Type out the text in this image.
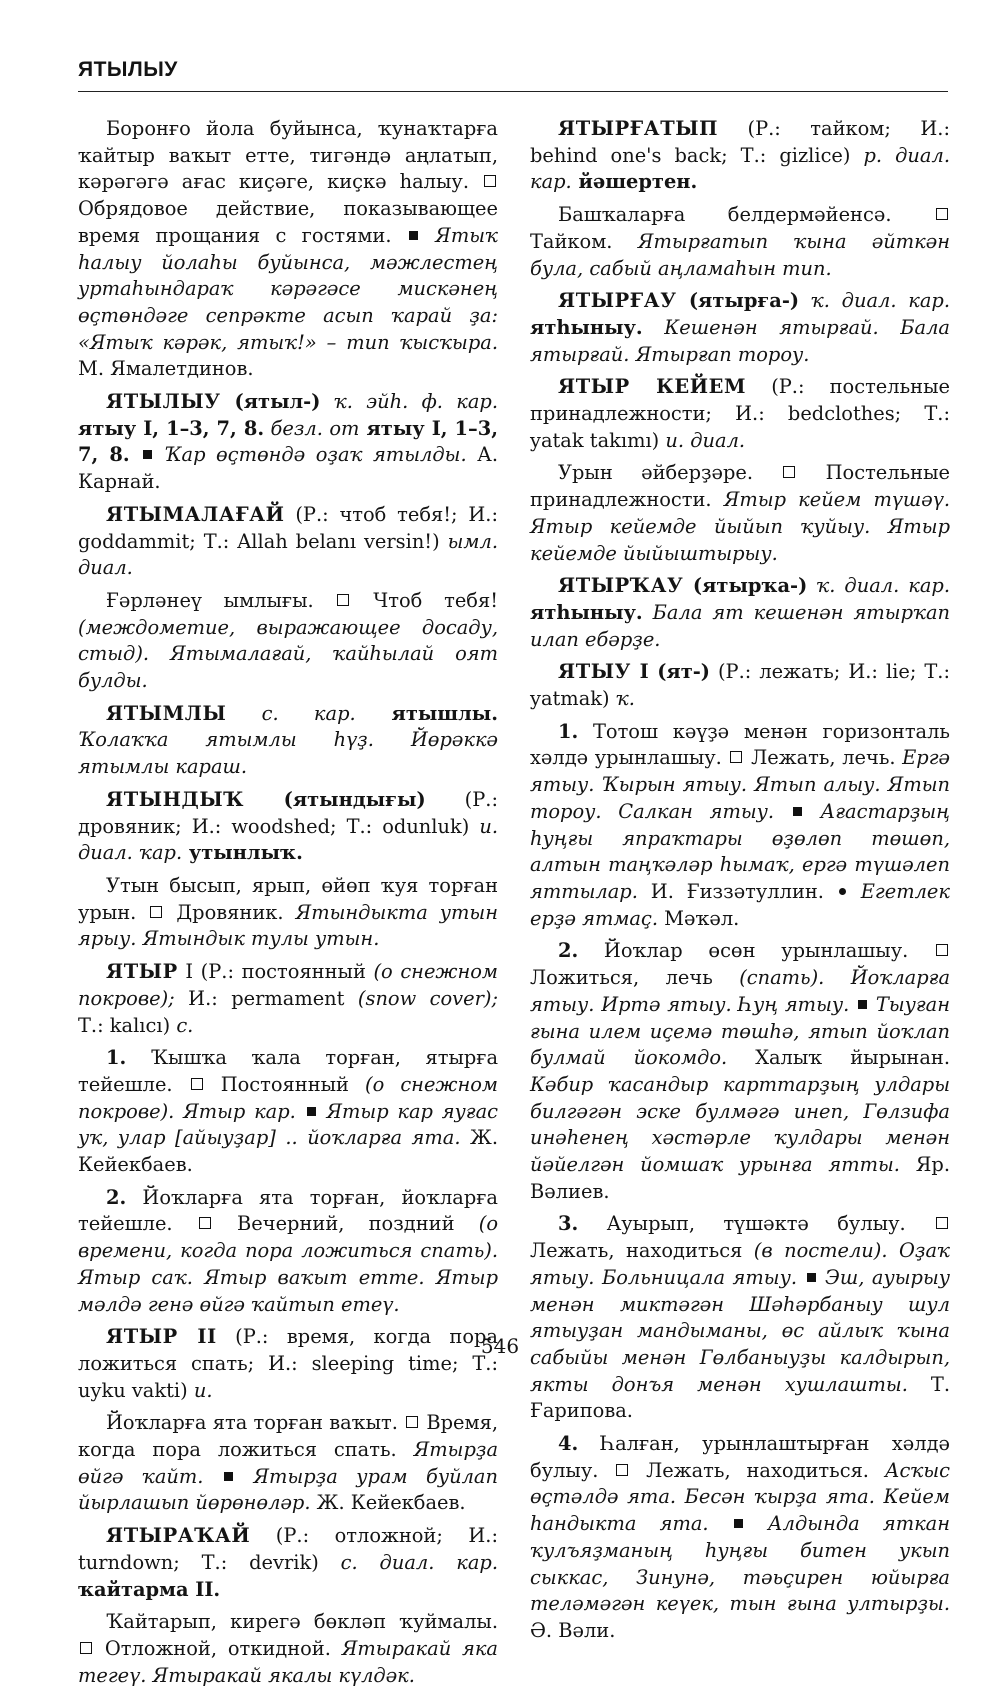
ЯТЫЛЫУ

Боронғо йола буйынса, ҡунаҡтарға ҡайтыр ваҡыт етте, тигәндә аңлатып, кәрәгәгә ағас киҫәге, киҫкә һалыу.  Обрядовое действие, показывающее время прощания с гостями.  Ятыҡ һалыу йолаһы буйынса, мәжлестең уртаһындараҡ кәрәгәсе мискәнең өҫтөндәге сепрәкте асып ҡарай ҙа: «Ятыҡ кәрәк, ятыҡ!» – тип ҡысҡыра. М. Ямалетдинов.

ЯТЫЛЫУ (ятыл-) ҡ. эйһ. ф. кар. ятыу I, 1–3, 7, 8. безл. от ятыу I, 1–3, 7, 8.  Ҡар өҫтөндә оҙаҡ ятылды. А. Карнай.

ЯТЫМАЛАҒАЙ (Р.: чтоб тебя!; И.: goddammit; Т.: Allah belanı versin!) ымл. диал.

Ғәрләнеү ымлығы.  Чтоб тебя! (междометие, выражающее досаду, стыд). Ятымалағай, ҡайһылай оят булды.

ЯТЫМЛЫ с. кар. ятышлы. Ҡолаҡҡа ятымлы һүҙ. Йөрәккә ятымлы караш.

ЯТЫНДЫҠ (ятындығы) (Р.: дровяник; И.: woodshed; Т.: odunluk) и. диал. ҡар. утынлыҡ.

Утын бысып, ярып, өйөп ҡуя торған урын.  Дровяник. Ятындыкта утын ярыу. Ятындык тулы утын.

ЯТЫР I (Р.: постоянный (о снежном покрове); И.: permament (snow cover); Т.: kalıcı) с.

1. Ҡышҡа ҡала торған, ятырға тейешле.  Постоянный (о снежном покрове). Ятыр кар.  Ятыр кар яуғас уҡ, улар [айыуҙар] .. йоҡларға ята. Ж. Кейекбаев.

2. Йоҡларға ята торған, йоҡларға тейешле.  Вечерний, поздний (о времени, когда пора ложиться спать). Ятыр саҡ. Ятыр ваҡыт етте. Ятыр мәлдә генә өйгә ҡайтып етеү.

ЯТЫР II (Р.: время, когда пора ложиться спать; И.: sleeping time; Т.: uyku vakti) и.

Йоҡларға ята торған ваҡыт.  Время, когда пора ложиться спать. Ятырҙа өйгә ҡайт.  Ятырҙа урам буйлап йырлашып йөрөнөләр. Ж. Кейекбаев.

ЯТЫРАҠАЙ (Р.: отложной; И.: turndown; Т.: devrik) с. диал. кар. ҡайтарма II.

Ҡайтарып, кирегә бөкләп ҡуймалы.  Отложной, откидной. Ятыракай яка тегеү. Ятыракай якалы күлдәк.

ЯТЫРҒАТЫП (Р.: тайком; И.: behind one's back; Т.: gizlice) р. диал. кар. йәшертен.

Башҡаларға белдермәйенсә.  Тайком. Ятырғатып ҡына әйткән була, сабый аңламаһын тип.

ЯТЫРҒАУ (ятырға-) ҡ. диал. кар. ятһыныу. Кешенән ятырғай. Бала ятырғай. Ятырғап тороу.

ЯТЫР КЕЙЕМ (Р.: постельные принадлежности; И.: bedclothes; Т.: yatak takımı) и. диал.

Урын әйберҙәре.  Постельные принадлежности. Ятыр кейем түшәү. Ятыр кейемде йыйып ҡуйыу. Ятыр кейемде йыйыштырыу.

ЯТЫРҠАУ (ятырҡа-) ҡ. диал. кар. ятһыныу. Бала ят кешенән ятырҡап илап ебәрҙе.

ЯТЫУ I (ят-) (Р.: лежать; И.: lie; Т.: yatmak) ҡ.

1. Тотош кәүҙә менән горизонталь хәлдә урынлашыу.  Лежать, лечь. Ергә ятыу. Ҡырын ятыу. Ятып алыу. Ятып тороу. Салкан ятыу.  Ағастарҙың һуңғы япраҡтары өҙөлөп төшөп, алтын таңҡәләр һымаҡ, ергә түшәлеп яттылар. И. Ғиззәтуллин.  Егетлек ерҙә ятмаҫ. Мәҡәл.

2. Йоҡлар өсөн урынлашыу.  Ложиться, лечь (спать). Йоҡларға ятыу. Иртә ятыу. Һуң ятыу.  Тыуған ғына илем иҫемә төшһә, ятып йоҡлап булмай йокомдо. Халыҡ йырынан. Кәбир ҡасандыр карттарҙың улдары билгәгән эске булмәгә инеп, Гөлзифа инәһенең хәстәрле ҡулдары менән йәйелгән йомшаҡ урынға ятты. Яр. Вәлиев.

3. Ауырып, түшәктә булыу.  Лежать, находиться (в постели). Оҙаҡ ятыу. Больницала ятыу.  Эш, ауырыу менән миктәгән Шәһәрбаныу шул ятыуҙан мандыманы, өс айлыҡ ҡына сабыйы менән Гөлбаныуҙы калдырып, якты донъя менән хушлашты. Т. Ғарипова.

4. Һалған, урынлаштырған хәлдә булыу.  Лежать, находиться. Асҡыс өҫтәлдә ята. Бесән ҡырҙа ята. Кейем һандыкта ята.  Алдында яткан ҡулъяҙманың һуңғы битен укып сыккас, Зинунә, тәьҫирен юйырға теләмәгән кеүек, тын ғына ултырҙы. Ә. Вәли.

546
